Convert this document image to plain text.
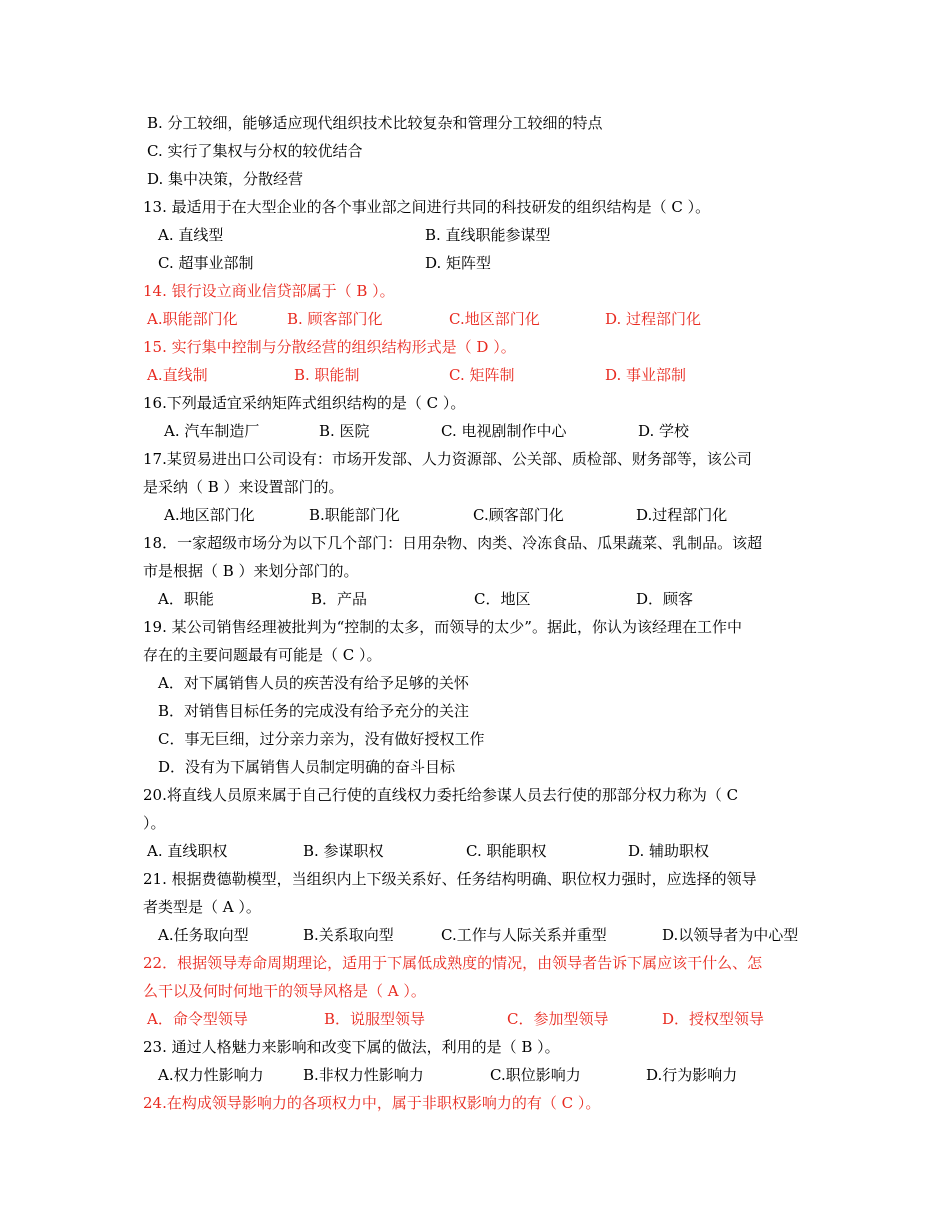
B. 分工较细，能够适应现代组织技术比较复杂和管理分工较细的特点
C. 实行了集权与分权的较优结合
D. 集中决策，分散经营
13. 最适用于在大型企业的各个事业部之间进行共同的科技研发的组织结构是（ C ）。
A. 直线型	B. 直线职能参谋型
C. 超事业部制	D. 矩阵型
14. 银行设立商业信贷部属于（ B ）。
A.职能部门化	B. 顾客部门化	C.地区部门化	D. 过程部门化
15. 实行集中控制与分散经营的组织结构形式是（ D ）。
A.直线制	B. 职能制	C. 矩阵制	D. 事业部制
16.下列最适宜采纳矩阵式组织结构的是（ C ）。
A. 汽车制造厂	B. 医院	C. 电视剧制作中心	D. 学校
17.某贸易进出口公司设有：市场开发部、人力资源部、公关部、质检部、财务部等，该公司
是采纳（ B ）来设置部门的。
A.地区部门化	B.职能部门化	C.顾客部门化	D.过程部门化
18．一家超级市场分为以下几个部门：日用杂物、肉类、冷冻食品、瓜果蔬菜、乳制品。该超
市是根据（ B ）来划分部门的。
A．职能	B．产品	C．地区	D．顾客
19. 某公司销售经理被批判为“控制的太多，而领导的太少”。据此，你认为该经理在工作中
存在的主要问题最有可能是（ C ）。
A．对下属销售人员的疾苦没有给予足够的关怀
B．对销售目标任务的完成没有给予充分的关注
C．事无巨细，过分亲力亲为，没有做好授权工作
D．没有为下属销售人员制定明确的奋斗目标
20.将直线人员原来属于自己行使的直线权力委托给参谋人员去行使的那部分权力称为（ C
）。
A. 直线职权	B. 参谋职权	C. 职能职权	D. 辅助职权
21. 根据费德勒模型，当组织内上下级关系好、任务结构明确、职位权力强时，应选择的领导
者类型是（ A ）。
A.任务取向型	B.关系取向型	C.工作与人际关系并重型	D.以领导者为中心型
22．根据领导寿命周期理论，适用于下属低成熟度的情况，由领导者告诉下属应该干什么、怎
么干以及何时何地干的领导风格是（ A ）。
A．命令型领导	B．说服型领导	C．参加型领导	D．授权型领导
23. 通过人格魅力来影响和改变下属的做法，利用的是（ B ）。
A.权力性影响力	B.非权力性影响力	C.职位影响力	D.行为影响力
24.在构成领导影响力的各项权力中，属于非职权影响力的有（ C ）。
